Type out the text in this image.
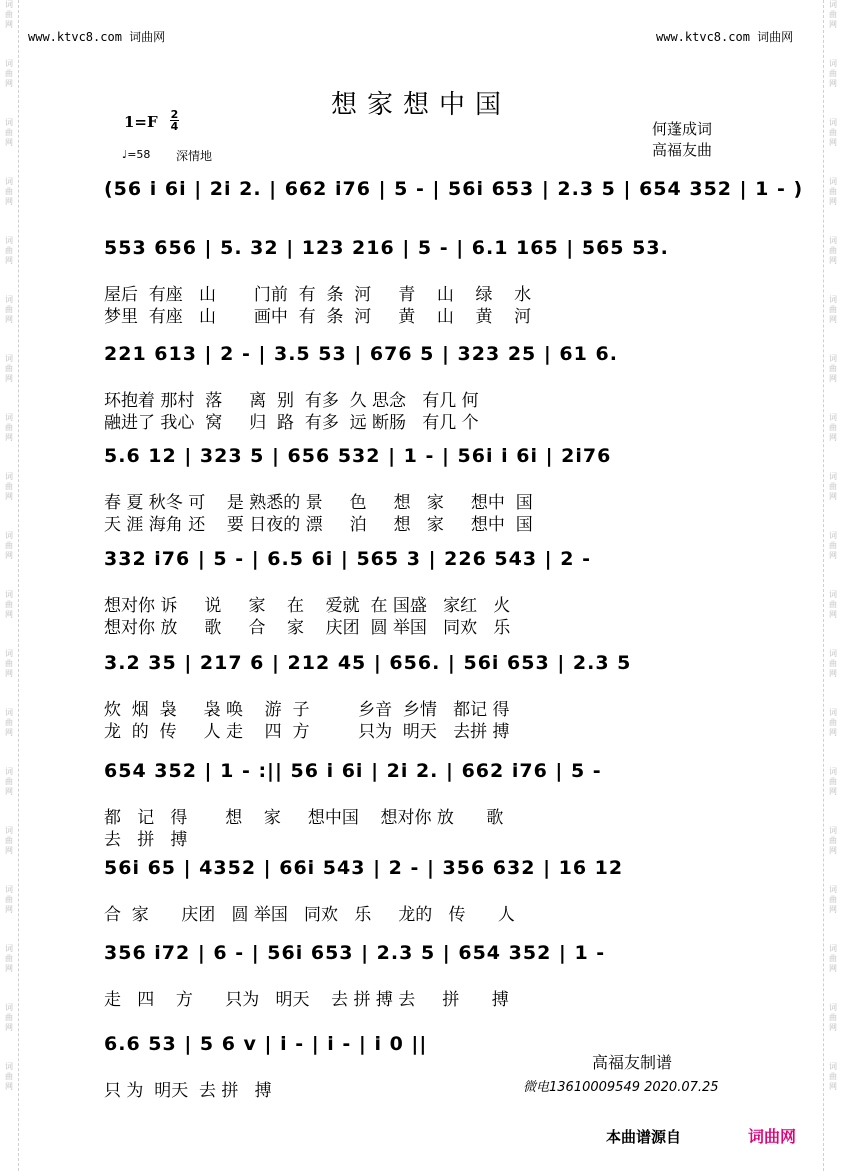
词曲网
词曲网
词曲网
词曲网
词曲网
词曲网
词曲网
词曲网
词曲网
词曲网
词曲网
词曲网
词曲网
词曲网
词曲网
词曲网
词曲网
词曲网
词曲网
词曲网
词曲网
词曲网
词曲网
词曲网
词曲网
词曲网
词曲网
词曲网
词曲网
词曲网
词曲网
词曲网
词曲网
词曲网
词曲网
词曲网
词曲网
词曲网
www.ktvc8.com 词曲网	www.ktvc8.com 词曲网
想家想中国
1=F 2
4
♩=58 深情地
何蓬成词
高福友曲
(56 i 6i | 2i 2. | 662 i76 | 5 - | 56i 653 | 2.3 5 | 654 352 | 1 - )
553 656 | 5. 32 | 123 216 | 5 - | 6.1 165 | 565 53.
屋后  有座   山       门前  有  条  河     青    山    绿    水
梦里  有座   山       画中  有  条  河     黄    山    黄    河
221 613 | 2 - | 3.5 53 | 676 5 | 323 25 | 61 6.
环抱着 那村  落     离  别  有多  久 思念   有几 何
融进了 我心  窝     归  路  有多  远 断肠   有几 个
5.6 12 | 323 5 | 656 532 | 1 - | 56i i 6i | 2i76
春 夏 秋冬 可    是 熟悉的 景     色     想   家     想中  国
天 涯 海角 还    要 日夜的 漂     泊     想   家     想中  国
332 i76 | 5 - | 6.5 6i | 565 3 | 226 543 | 2 -
想对你 诉     说     家    在    爱就  在 国盛   家红   火
想对你 放     歌     合    家    庆团  圆 举国   同欢   乐
3.2 35 | 217 6 | 212 45 | 656. | 56i 653 | 2.3 5
炊  烟  袅     袅 唤    游  子         乡音  乡情   都记 得
龙  的  传     人 走    四  方         只为  明天   去拼 搏
654 352 | 1 - :|| 56 i 6i | 2i 2. | 662 i76 | 5 -
都   记   得       想    家     想中国    想对你 放      歌
去   拼   搏
56i 65 | 4352 | 66i 543 | 2 - | 356 632 | 16 12
合  家      庆团   圆 举国   同欢   乐     龙的   传      人
356 i72 | 6 - | 56i 653 | 2.3 5 | 654 352 | 1 -
走   四    方      只为   明天    去 拼 搏 去     拼      搏
6.6 53 | 5 6 v | i - | i - | i 0 ||
只 为  明天  去 拼   搏
高福友制谱
微电13610009549 2020.07.25
本曲谱源自	词曲网
